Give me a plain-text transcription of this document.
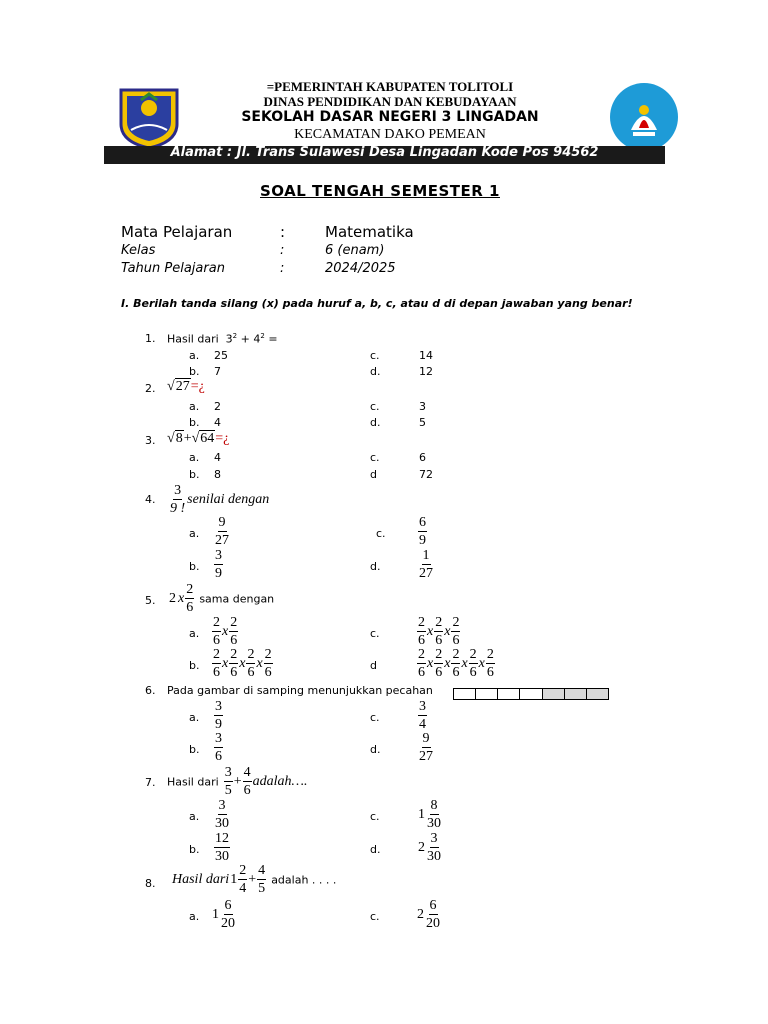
=PEMERINTAH KABUPATEN TOLITOLI
DINAS PENDIDIKAN DAN KEBUDAYAAN
SEKOLAH DASAR NEGERI 3 LINGADAN
KECAMATAN DAKO PEMEAN
Alamat : Jl. Trans Sulawesi Desa Lingadan Kode Pos 94562
SOAL TENGAH SEMESTER 1
Mata Pelajaran	:	Matematika
Kelas	:	6 (enam)
Tahun Pelajaran	:	2024/2025
I. Berilah tanda silang (x) pada huruf a, b, c, atau d di depan jawaban yang benar!
1. Hasil dari $3^2 + 4^2$ =
a. 25	c.	14
b. 7	d.	12
2. √27=¿
a. 2	c.	3
b. 4	d.	5
3. √8+√64=¿
a. 4	c.	6
b. 8	d	72
4. $\frac{3}{9 !}$ senilai dengan
a. $\frac{9}{27}$	c. $\frac{6}{9}$
b. $\frac{3}{9}$	d.	$\frac{1}{27}$
5. 2 x $\frac{2}{6}$ sama dengan
a. $\frac{2}{6}$ x $\frac{2}{6}$	c.	$\frac{2}{6}$ x $\frac{2}{6}$ x $\frac{2}{6}$
b. $\frac{2}{6}$ x $\frac{2}{6}$ x $\frac{2}{6}$ x $\frac{2}{6}$	d	$\frac{2}{6}$ x $\frac{2}{6}$ x $\frac{2}{6}$ x $\frac{2}{6}$ x $\frac{2}{6}$
6. Pada gambar di samping menunjukkan pecahan
a. $\frac{3}{9}$	c.	$\frac{3}{4}$
b. $\frac{3}{6}$	d.	$\frac{9}{27}$
7. Hasil dari $\frac{3}{5} + \frac{4}{6}$ adalah….
a. $\frac{3}{30}$	c.	$1 \frac{8}{30}$
b. $\frac{12}{30}$	d.	$2 \frac{3}{30}$
8. Hasil dari1 $\frac{2}{4} + \frac{4}{5}$ adalah . . . .
a. $1 \frac{6}{20}$	c.	$2 \frac{6}{20}$
